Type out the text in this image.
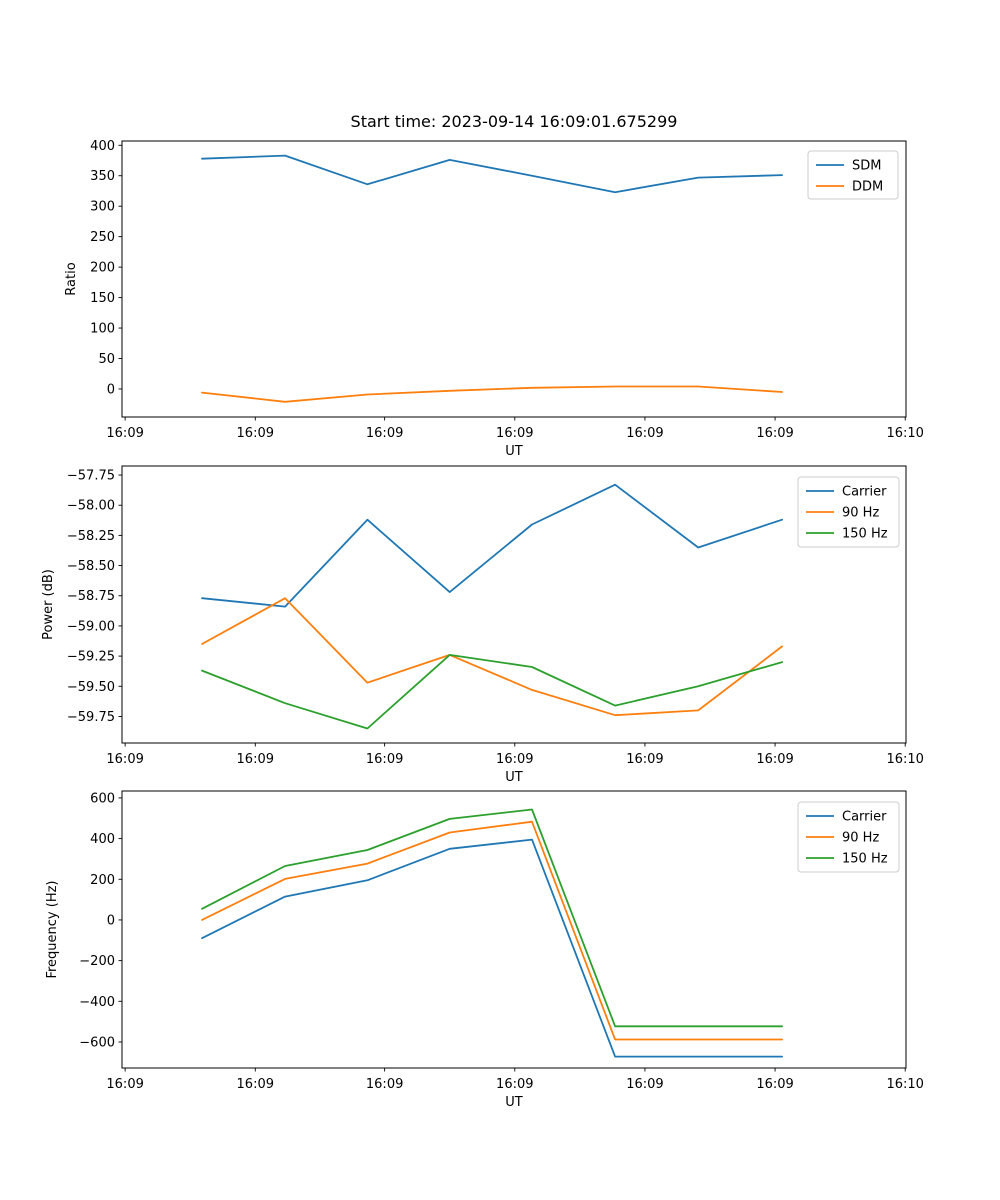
Start time: 2023-09-14 16:09:01.675299
0
50
100
150
200
250
300
350
400
16:09	16:09	16:09	16:09	16:09	16:09	16:10
UT
Ratio
SDM
DDM
−59.75
−59.50
−59.25
−59.00
−58.75
−58.50
−58.25
−58.00
−57.75
16:09	16:09	16:09	16:09	16:09	16:09	16:10
UT
Power (dB)
Carrier
90 Hz
150 Hz
−600
−400
−200
0
200
400
600
16:09	16:09	16:09	16:09	16:09	16:09	16:10
UT
Frequency (Hz)
Carrier
90 Hz
150 Hz
